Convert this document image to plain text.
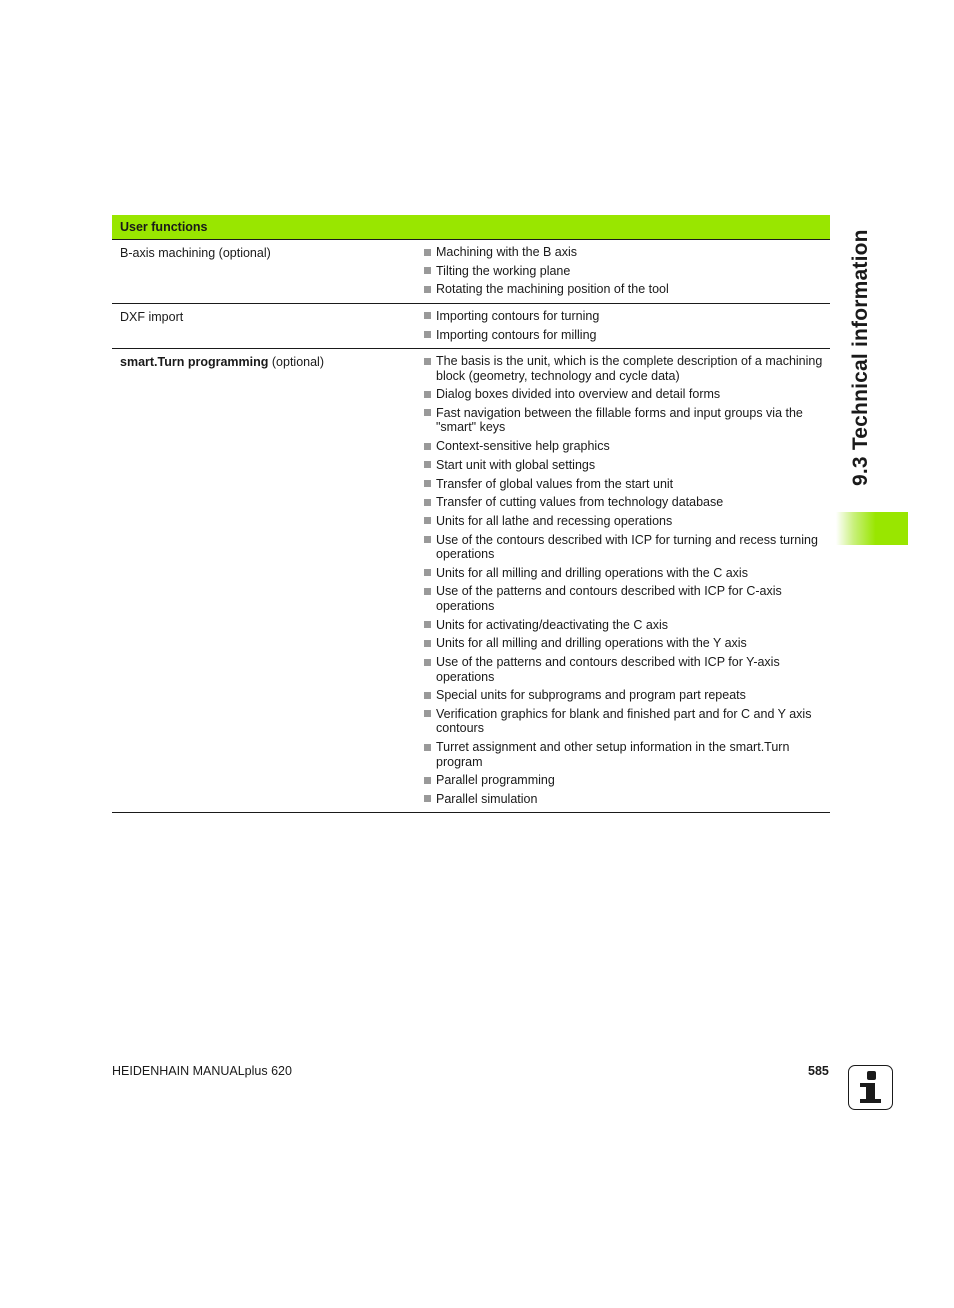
User functions
B-axis machining (optional)	Machining with the B axis
Tilting the working plane
Rotating the machining position of the tool
DXF import	Importing contours for turning
Importing contours for milling
smart.Turn programming (optional)	The basis is the unit, which is the complete description of a machining block (geometry, technology and cycle data)
Dialog boxes divided into overview and detail forms
Fast navigation between the fillable forms and input groups via the "smart" keys
Context-sensitive help graphics
Start unit with global settings
Transfer of global values from the start unit
Transfer of cutting values from technology database
Units for all lathe and recessing operations
Use of the contours described with ICP for turning and recess turning operations
Units for all milling and drilling operations with the C axis
Use of the patterns and contours described with ICP for C-axis operations
Units for activating/deactivating the C axis
Units for all milling and drilling operations with the Y axis
Use of the patterns and contours described with ICP for Y-axis operations
Special units for subprograms and program part repeats
Verification graphics for blank and finished part and for C and Y axis contours
Turret assignment and other setup information in the smart.Turn program
Parallel programming
Parallel simulation
9.3 Technical information
HEIDENHAIN MANUALplus 620	585
